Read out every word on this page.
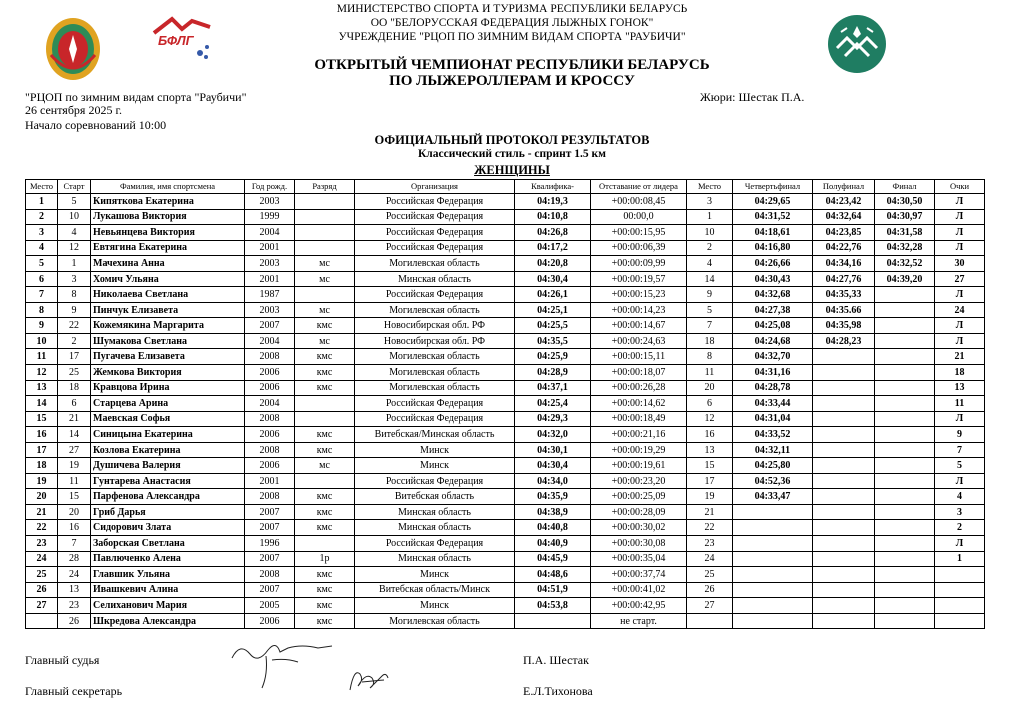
БФЛГ
МИНИСТЕРСТВО СПОРТА И ТУРИЗМА РЕСПУБЛИКИ БЕЛАРУСЬ
ОО "БЕЛОРУССКАЯ ФЕДЕРАЦИЯ ЛЫЖНЫХ ГОНОК"
УЧРЕЖДЕНИЕ "РЦОП ПО ЗИМНИМ ВИДАМ СПОРТА "РАУБИЧИ"
ОТКРЫТЫЙ ЧЕМПИОНАТ РЕСПУБЛИКИ БЕЛАРУСЬ
ПО ЛЫЖЕРОЛЛЕРАМ И КРОССУ
"РЦОП по зимним видам спорта "Раубичи"
26 сентября 2025 г.
Начало соревнований 10:00
Жюри: Шестак П.А.
ОФИЦИАЛЬНЫЙ ПРОТОКОЛ РЕЗУЛЬТАТОВ
Классический стиль - спринт 1.5 км
ЖЕНЩИНЫ
Место	Старт	Фамилия, имя спортсмена	Год рожд.	Разряд	Организация	Квалифика-	Отставание от лидера	Место	Четвертьфинал	Полуфинал	Финал	Очки
1	5	Кипяткова Екатерина	2003		Российская Федерация	04:19,3	+00:00:08,45	3	04:29,65	04:23,42	04:30,50	Л
2	10	Лукашова Виктория	1999		Российская Федерация	04:10,8	00:00,0	1	04:31,52	04:32,64	04:30,97	Л
3	4	Невьянцева Виктория	2004		Российская Федерация	04:26,8	+00:00:15,95	10	04:18,61	04:23,85	04:31,58	Л
4	12	Евтягина Екатерина	2001		Российская Федерация	04:17,2	+00:00:06,39	2	04:16,80	04:22,76	04:32,28	Л
5	1	Мачехина Анна	2003	мс	Могилевская область	04:20,8	+00:00:09,99	4	04:26,66	04:34,16	04:32,52	30
6	3	Хомич Ульяна	2001	мс	Минская область	04:30,4	+00:00:19,57	14	04:30,43	04:27,76	04:39,20	27
7	8	Николаева Светлана	1987		Российская Федерация	04:26,1	+00:00:15,23	9	04:32,68	04:35,33		Л
8	9	Пинчук Елизавета	2003	мс	Могилевская область	04:25,1	+00:00:14,23	5	04:27,38	04:35.66		24
9	22	Кожемякина Маргарита	2007	кмс	Новосибирская обл. РФ	04:25,5	+00:00:14,67	7	04:25,08	04:35,98		Л
10	2	Шумакова Светлана	2004	мс	Новосибирская обл. РФ	04:35,5	+00:00:24,63	18	04:24,68	04:28,23		Л
11	17	Пугачева Елизавета	2008	кмс	Могилевская область	04:25,9	+00:00:15,11	8	04:32,70			21
12	25	Жемкова Виктория	2006	кмс	Могилевская область	04:28,9	+00:00:18,07	11	04:31,16			18
13	18	Кравцова Ирина	2006	кмс	Могилевская область	04:37,1	+00:00:26,28	20	04:28,78			13
14	6	Старцева Арина	2004		Российская Федерация	04:25,4	+00:00:14,62	6	04:33,44			11
15	21	Маевская Софья	2008		Российская Федерация	04:29,3	+00:00:18,49	12	04:31,04			Л
16	14	Синицына Екатерина	2006	кмс	Витебская/Минская область	04:32,0	+00:00:21,16	16	04:33,52			9
17	27	Козлова Екатерина	2008	кмс	Минск	04:30,1	+00:00:19,29	13	04:32,11			7
18	19	Душичева Валерия	2006	мс	Минск	04:30,4	+00:00:19,61	15	04:25,80			5
19	11	Гунтарева Анастасия	2001		Российская Федерация	04:34,0	+00:00:23,20	17	04:52,36			Л
20	15	Парфенова Александра	2008	кмс	Витебская область	04:35,9	+00:00:25,09	19	04:33,47			4
21	20	Гриб Дарья	2007	кмс	Минская область	04:38,9	+00:00:28,09	21				3
22	16	Сидорович Злата	2007	кмс	Минская область	04:40,8	+00:00:30,02	22				2
23	7	Заборская Светлана	1996		Российская Федерация	04:40,9	+00:00:30,08	23				Л
24	28	Павлюченко Алена	2007	1р	Минская область	04:45,9	+00:00:35,04	24				1
25	24	Главшик Ульяна	2008	кмс	Минск	04:48,6	+00:00:37,74	25				
26	13	Ивашкевич Алина	2007	кмс	Витебская область/Минск	04:51,9	+00:00:41,02	26				
27	23	Селиханович Мария	2005	кмс	Минск	04:53,8	+00:00:42,95	27				
	26	Шкредова Александра	2006	кмс	Могилевская область		не старт.					
Главный судья	П.А. Шестак
Главный секретарь	Е.Л.Тихонова
